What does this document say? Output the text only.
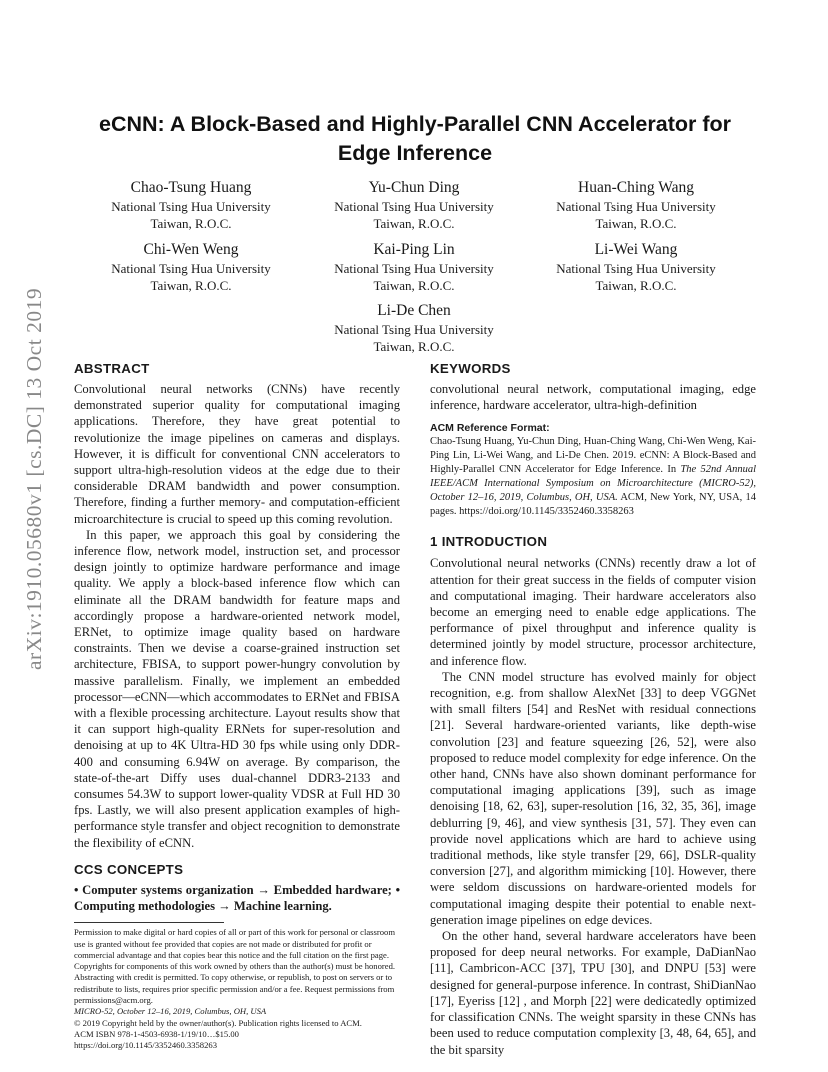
arXiv:1910.05680v1 [cs.DC] 13 Oct 2019
eCNN: A Block-Based and Highly-Parallel CNN Accelerator for Edge Inference
Chao-Tsung Huang
National Tsing Hua University
Taiwan, R.O.C.
Yu-Chun Ding
National Tsing Hua University
Taiwan, R.O.C.
Huan-Ching Wang
National Tsing Hua University
Taiwan, R.O.C.
Chi-Wen Weng
National Tsing Hua University
Taiwan, R.O.C.
Kai-Ping Lin
National Tsing Hua University
Taiwan, R.O.C.
Li-Wei Wang
National Tsing Hua University
Taiwan, R.O.C.
Li-De Chen
National Tsing Hua University
Taiwan, R.O.C.
ABSTRACT

Convolutional neural networks (CNNs) have recently demonstrated superior quality for computational imaging applications. Therefore, they have great potential to revolutionize the image pipelines on cameras and displays. However, it is difficult for conventional CNN accelerators to support ultra-high-resolution videos at the edge due to their considerable DRAM bandwidth and power consumption. Therefore, finding a further memory- and computation-efficient microarchitecture is crucial to speed up this coming revolution.

In this paper, we approach this goal by considering the inference flow, network model, instruction set, and processor design jointly to optimize hardware performance and image quality. We apply a block-based inference flow which can eliminate all the DRAM bandwidth for feature maps and accordingly propose a hardware-oriented network model, ERNet, to optimize image quality based on hardware constraints. Then we devise a coarse-grained instruction set architecture, FBISA, to support power-hungry convolution by massive parallelism. Finally, we implement an embedded processor—eCNN—which accommodates to ERNet and FBISA with a flexible processing architecture. Layout results show that it can support high-quality ERNets for super-resolution and denoising at up to 4K Ultra-HD 30 fps while using only DDR-400 and consuming 6.94W on average. By comparison, the state-of-the-art Diffy uses dual-channel DDR3-2133 and consumes 54.3W to support lower-quality VDSR at Full HD 30 fps. Lastly, we will also present application examples of high-performance style transfer and object recognition to demonstrate the flexibility of eCNN.

CCS CONCEPTS

• Computer systems organization → Embedded hardware; • Computing methodologies → Machine learning.

Permission to make digital or hard copies of all or part of this work for personal or classroom use is granted without fee provided that copies are not made or distributed for profit or commercial advantage and that copies bear this notice and the full citation on the first page. Copyrights for components of this work owned by others than the author(s) must be honored. Abstracting with credit is permitted. To copy otherwise, or republish, to post on servers or to redistribute to lists, requires prior specific permission and/or a fee. Request permissions from permissions@acm.org.

MICRO-52, October 12–16, 2019, Columbus, OH, USA

© 2019 Copyright held by the owner/author(s). Publication rights licensed to ACM.

ACM ISBN 978-1-4503-6938-1/19/10…$15.00

https://doi.org/10.1145/3352460.3358263

KEYWORDS

convolutional neural network, computational imaging, edge inference, hardware accelerator, ultra-high-definition

ACM Reference Format:

Chao-Tsung Huang, Yu-Chun Ding, Huan-Ching Wang, Chi-Wen Weng, Kai-Ping Lin, Li-Wei Wang, and Li-De Chen. 2019. eCNN: A Block-Based and Highly-Parallel CNN Accelerator for Edge Inference. In The 52nd Annual IEEE/ACM International Symposium on Microarchitecture (MICRO-52), October 12–16, 2019, Columbus, OH, USA. ACM, New York, NY, USA, 14 pages. https://doi.org/10.1145/3352460.3358263

1 INTRODUCTION

Convolutional neural networks (CNNs) recently draw a lot of attention for their great success in the fields of computer vision and computational imaging. Their hardware accelerators also become an emerging need to enable edge applications. The performance of pixel throughput and inference quality is determined jointly by model structure, processor architecture, and inference flow.

The CNN model structure has evolved mainly for object recognition, e.g. from shallow AlexNet [33] to deep VGGNet with small filters [54] and ResNet with residual connections [21]. Several hardware-oriented variants, like depth-wise convolution [23] and feature squeezing [26, 52], were also proposed to reduce model complexity for edge inference. On the other hand, CNNs have also shown dominant performance for computational imaging applications [39], such as image denoising [18, 62, 63], super-resolution [16, 32, 35, 36], image deblurring [9, 46], and view synthesis [31, 57]. They even can provide novel applications which are hard to achieve using traditional methods, like style transfer [29, 66], DSLR-quality conversion [27], and algorithm mimicking [10]. However, there were seldom discussions on hardware-oriented models for computational imaging despite their potential to enable next-generation image pipelines on edge devices.

On the other hand, several hardware accelerators have been proposed for deep neural networks. For example, DaDianNao [11], Cambricon-ACC [37], TPU [30], and DNPU [53] were designed for general-purpose inference. In contrast, ShiDianNao [17], Eyeriss [12] , and Morph [22] were dedicatedly optimized for classification CNNs. The weight sparsity in these CNNs has been used to reduce computation complexity [3, 48, 64, 65], and the bit sparsity
